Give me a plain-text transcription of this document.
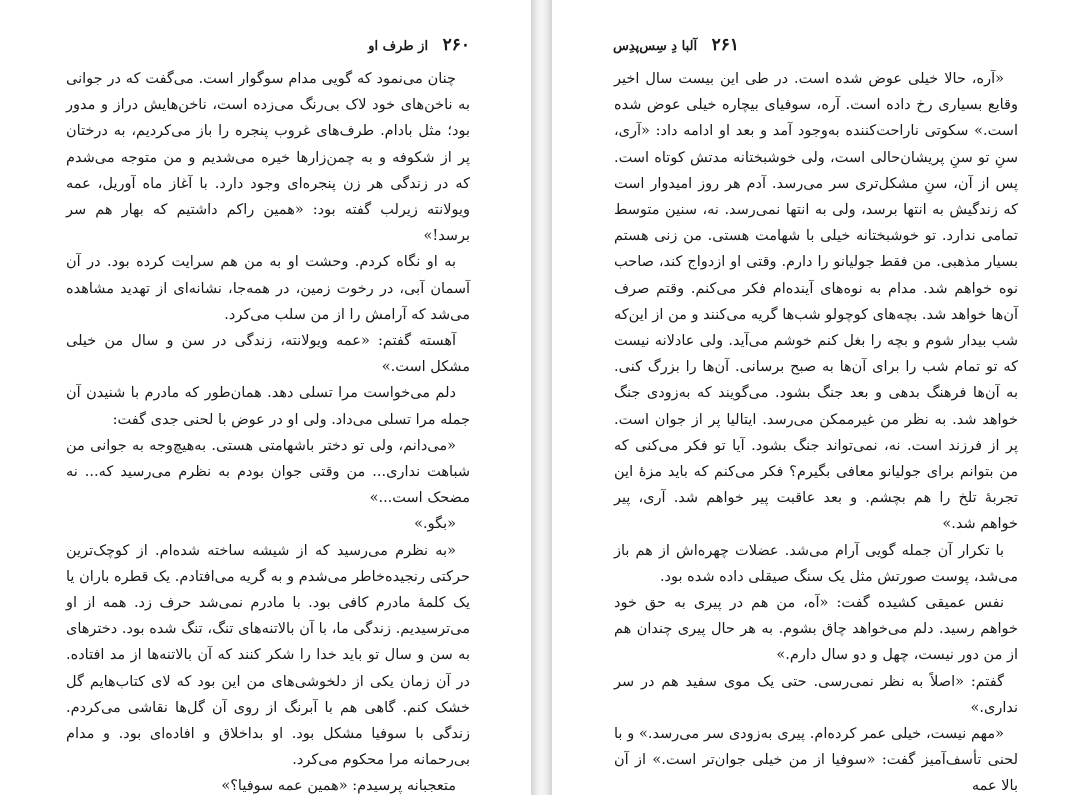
۲۶۰ از طرف او

چنان می‌نمود که گویی مدام سوگوار است. می‌گفت که در جوانی به ناخن‌های خود لاک بی‌رنگ می‌زده است، ناخن‌هایش دراز و مدور بود؛ مثل بادام. طرف‌های غروب پنجره را باز می‌کردیم، به درختان پر از شکوفه و به چمن‌زارها خیره می‌شدیم و من متوجه می‌شدم که در زندگی هر زن پنجره‌ای وجود دارد. با آغاز ماه آوریل، عمه ویولانته زیرلب گفته بود: «همین راکم داشتیم که بهار هم سر برسد!»

به او نگاه کردم. وحشت او به من هم سرایت کرده بود. در آن آسمان آبی، در رخوت زمین، در همه‌جا، نشانه‌ای از تهدید مشاهده می‌شد که آرامش را از من سلب می‌کرد.

آهسته گفتم: «عمه ویولانته، زندگی در سن و سال من خیلی مشکل است.»

دلم می‌خواست مرا تسلی دهد. همان‌طور که مادرم با شنیدن آن جمله مرا تسلی می‌داد. ولی او در عوض با لحنی جدی گفت:

«می‌دانم، ولی تو دختر باشهامتی هستی. به‌هیچ‌وجه به جوانی من شباهت نداری... من وقتی جوان بودم به نظرم می‌رسید که... نه مضحک است...»

«بگو.»

«به نظرم می‌رسید که از شیشه ساخته شده‌ام. از کوچک‌ترین حرکتی رنجیده‌خاطر می‌شدم و به گریه می‌افتادم. یک قطره باران یا یک کلمهٔ مادرم کافی بود. با مادرم نمی‌شد حرف زد. همه از او می‌ترسیدیم. زندگی ما، با آن بالاتنه‌های تنگ، تنگ شده بود. دخترهای به سن و سال تو باید خدا را شکر کنند که آن بالاتنه‌ها از مد افتاده. در آن زمان یکی از دلخوشی‌های من این بود که لای کتاب‌هایم گل خشک کنم. گاهی هم با آبرنگ از روی آن گل‌ها نقاشی می‌کردم. زندگی با سوفیا مشکل بود. او بداخلاق و افاده‌ای بود. و مدام بی‌رحمانه مرا محکوم می‌کرد.

متعجبانه پرسیدم: «همین عمه سوفیا؟»

۲۶۱ آلبا دِ سِس‌پدِس

«آره، حالا خیلی عوض شده است. در طی این بیست سال اخیر وقایع بسیاری رخ داده است. آره، سوفیای بیچاره خیلی عوض شده است.» سکوتی ناراحت‌کننده به‌وجود آمد و بعد او ادامه داد: «آری، سنِ تو سنِ پریشان‌حالی است، ولی خوشبختانه مدتش کوتاه است. پس از آن، سنِ مشکل‌تری سر می‌رسد. آدم هر روز امیدوار است که زندگیش به انتها برسد، ولی به انتها نمی‌رسد. نه، سنین متوسط تمامی ندارد. تو خوشبختانه خیلی با شهامت هستی. من زنی هستم بسیار مذهبی. من فقط جولیانو را دارم. وقتی او ازدواج کند، صاحب نوه خواهم شد. مدام به نوه‌های آینده‌ام فکر می‌کنم. وقتم صرف آن‌ها خواهد شد. بچه‌های کوچولو شب‌ها گریه می‌کنند و من از این‌که شب بیدار شوم و بچه را بغل کنم خوشم می‌آید. ولی عادلانه نیست که تو تمام شب را برای آن‌ها به صبح برسانی. آن‌ها را بزرگ کنی. به آن‌ها فرهنگ بدهی و بعد جنگ بشود. می‌گویند که به‌زودی جنگ خواهد شد. به نظر من غیرممکن می‌رسد. ایتالیا پر از جوان است. پر از فرزند است. نه، نمی‌تواند جنگ بشود. آیا تو فکر می‌کنی که من بتوانم برای جولیانو معافی بگیرم؟ فکر می‌کنم که باید مزهٔ این تجربهٔ تلخ را هم بچشم. و بعد عاقبت پیر خواهم شد. آری، پیر خواهم شد.»

با تکرار آن جمله گویی آرام می‌شد. عضلات چهره‌اش از هم باز می‌شد، پوست صورتش مثل یک سنگ صیقلی داده شده بود.

نفس عمیقی کشیده گفت: «آه، من هم در پیری به حق خود خواهم رسید. دلم می‌خواهد چاق بشوم. به هر حال پیری چندان هم از من دور نیست، چهل و دو سال دارم.»

گفتم: «اصلاً به نظر نمی‌رسی. حتی یک موی سفید هم در سر نداری.»

«مهم نیست، خیلی عمر کرده‌ام. پیری به‌زودی سر می‌رسد.» و با لحنی تأسف‌آمیز گفت: «سوفیا از من خیلی جوان‌تر است.» از آن بالا عمه
